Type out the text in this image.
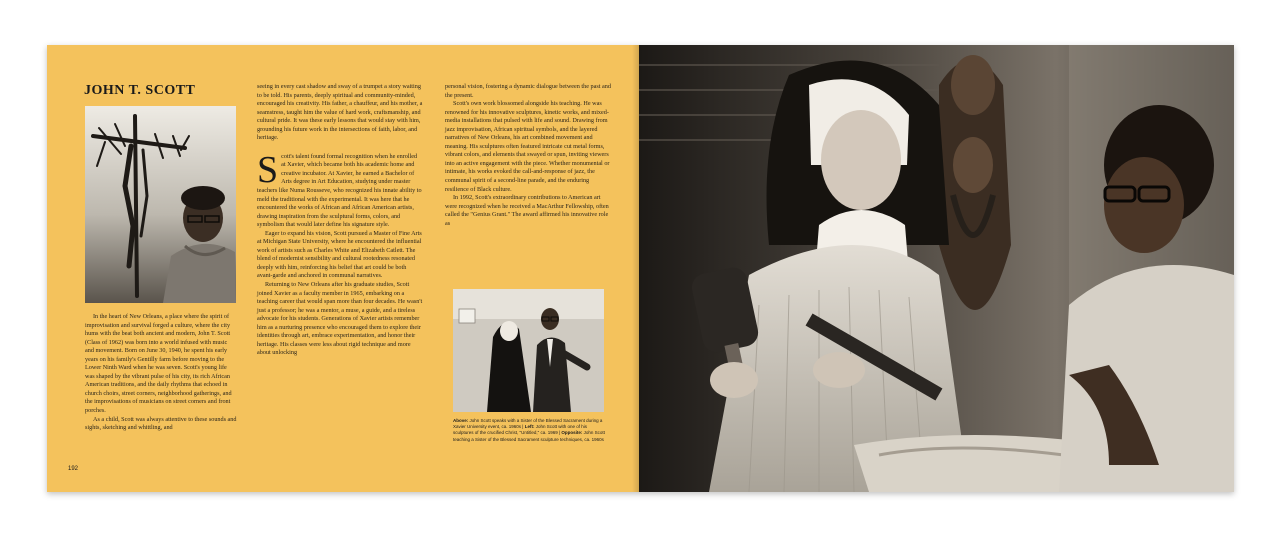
JOHN T. SCOTT

In the heart of New Orleans, a place where the spirit of improvisation and survival forged a culture, where the city hums with the beat both ancient and modern, John T. Scott (Class of 1962) was born into a world infused with music and movement. Born on June 30, 1940, he spent his early years on his family's Gentilly farm before moving to the Lower Ninth Ward when he was seven. Scott's young life was shaped by the vibrant pulse of his city, its rich African American traditions, and the daily rhythms that echoed in church choirs, street corners, neighborhood gatherings, and the improvisations of musicians on street corners and front porches.

As a child, Scott was always attentive to these sounds and sights, sketching and whittling, and

seeing in every cast shadow and sway of a trumpet a story waiting to be told. His parents, deeply spiritual and community-minded, encouraged his creativity. His father, a chauffeur, and his mother, a seamstress, taught him the value of hard work, craftsmanship, and cultural pride. It was these early lessons that would stay with him, grounding his future work in the intersections of faith, labor, and heritage.

Scott's talent found formal recognition when he enrolled at Xavier, which became both his academic home and creative incubator. At Xavier, he earned a Bachelor of Arts degree in Art Education, studying under master teachers like Numa Rousseve, who recognized his innate ability to meld the traditional with the experimental. It was here that he encountered the works of African and African American artists, drawing inspiration from the sculptural forms, colors, and symbolism that would later define his signature style.

Eager to expand his vision, Scott pursued a Master of Fine Arts at Michigan State University, where he encountered the influential work of artists such as Charles White and Elizabeth Catlett. The blend of modernist sensibility and cultural rootedness resonated deeply with him, reinforcing his belief that art could be both avant-garde and anchored in communal narratives.

Returning to New Orleans after his graduate studies, Scott joined Xavier as a faculty member in 1965, embarking on a teaching career that would span more than four decades. He wasn't just a professor; he was a mentor, a muse, a guide, and a tireless advocate for his students. Generations of Xavier artists remember him as a nurturing presence who encouraged them to explore their identities through art, embrace experimentation, and honor their heritage. His classes were less about rigid technique and more about unlocking

personal vision, fostering a dynamic dialogue between the past and the present.

Scott's own work blossomed alongside his teaching. He was renowned for his innovative sculptures, kinetic works, and mixed-media installations that pulsed with life and sound. Drawing from jazz improvisation, African spiritual symbols, and the layered narratives of New Orleans, his art combined movement and meaning. His sculptures often featured intricate cut metal forms, vibrant colors, and elements that swayed or spun, inviting viewers into an active engagement with the piece. Whether monumental or intimate, his works evoked the call-and-response of jazz, the communal spirit of a second-line parade, and the enduring resilience of Black culture.

In 1992, Scott's extraordinary contributions to American art were recognized when he received a MacArthur Fellowship, often called the "Genius Grant." The award affirmed his innovative role as

Above: John Scott speaks with a Sister of the Blessed Sacrament during a Xavier University event, ca. 1960s | Left: John Scott with one of his sculptures of the crucified Christ, "Untitled," ca. 1969 | Opposite: John Scott teaching a Sister of the Blessed Sacrament sculpture techniques, ca. 1960s
192
